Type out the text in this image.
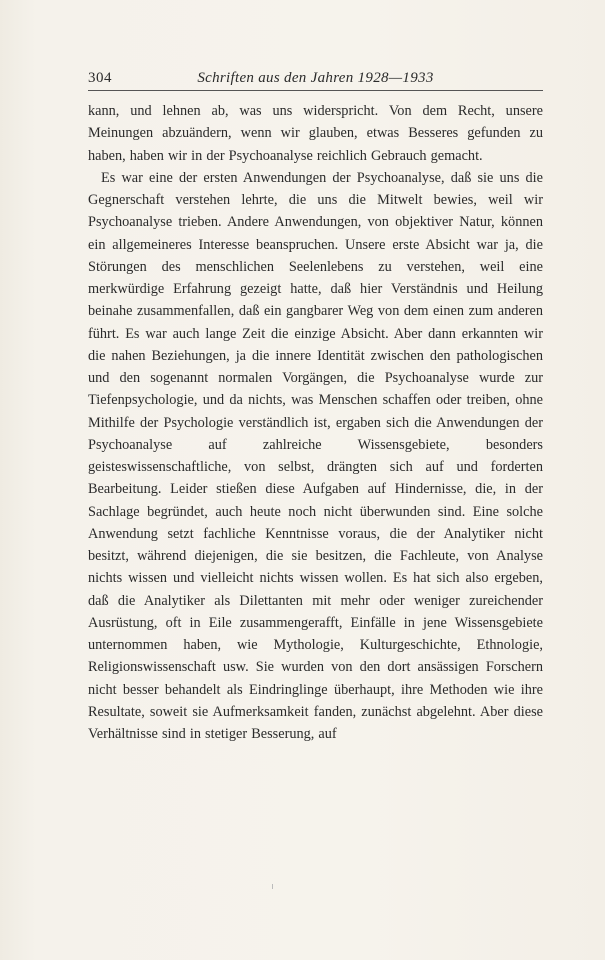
304	Schriften aus den Jahren 1928—1933

kann, und lehnen ab, was uns widerspricht. Von dem Recht, unsere Meinungen abzuändern, wenn wir glauben, etwas Besseres gefunden zu haben, haben wir in der Psychoanalyse reichlich Gebrauch gemacht.

Es war eine der ersten Anwendungen der Psychoanalyse, daß sie uns die Gegnerschaft verstehen lehrte, die uns die Mitwelt bewies, weil wir Psychoanalyse trieben. Andere Anwendungen, von objektiver Natur, können ein allgemeineres Interesse beanspruchen. Unsere erste Absicht war ja, die Störungen des menschlichen Seelenlebens zu verstehen, weil eine merkwürdige Erfahrung gezeigt hatte, daß hier Verständnis und Heilung beinahe zusammenfallen, daß ein gangbarer Weg von dem einen zum anderen führt. Es war auch lange Zeit die einzige Absicht. Aber dann erkannten wir die nahen Beziehungen, ja die innere Identität zwischen den pathologischen und den sogenannt normalen Vorgängen, die Psychoanalyse wurde zur Tiefenpsychologie, und da nichts, was Menschen schaffen oder treiben, ohne Mithilfe der Psychologie verständlich ist, ergaben sich die Anwendungen der Psychoanalyse auf zahlreiche Wissensgebiete, besonders geisteswissenschaftliche, von selbst, drängten sich auf und forderten Bearbeitung. Leider stießen diese Aufgaben auf Hindernisse, die, in der Sachlage begründet, auch heute noch nicht überwunden sind. Eine solche Anwendung setzt fachliche Kenntnisse voraus, die der Analytiker nicht besitzt, während diejenigen, die sie besitzen, die Fachleute, von Analyse nichts wissen und vielleicht nichts wissen wollen. Es hat sich also ergeben, daß die Analytiker als Dilettanten mit mehr oder weniger zureichender Ausrüstung, oft in Eile zusammengerafft, Einfälle in jene Wissensgebiete unternommen haben, wie Mythologie, Kulturgeschichte, Ethnologie, Religionswissenschaft usw. Sie wurden von den dort ansässigen Forschern nicht besser behandelt als Eindringlinge überhaupt, ihre Methoden wie ihre Resultate, soweit sie Aufmerksamkeit fanden, zunächst abgelehnt. Aber diese Verhältnisse sind in stetiger Besserung, auf
